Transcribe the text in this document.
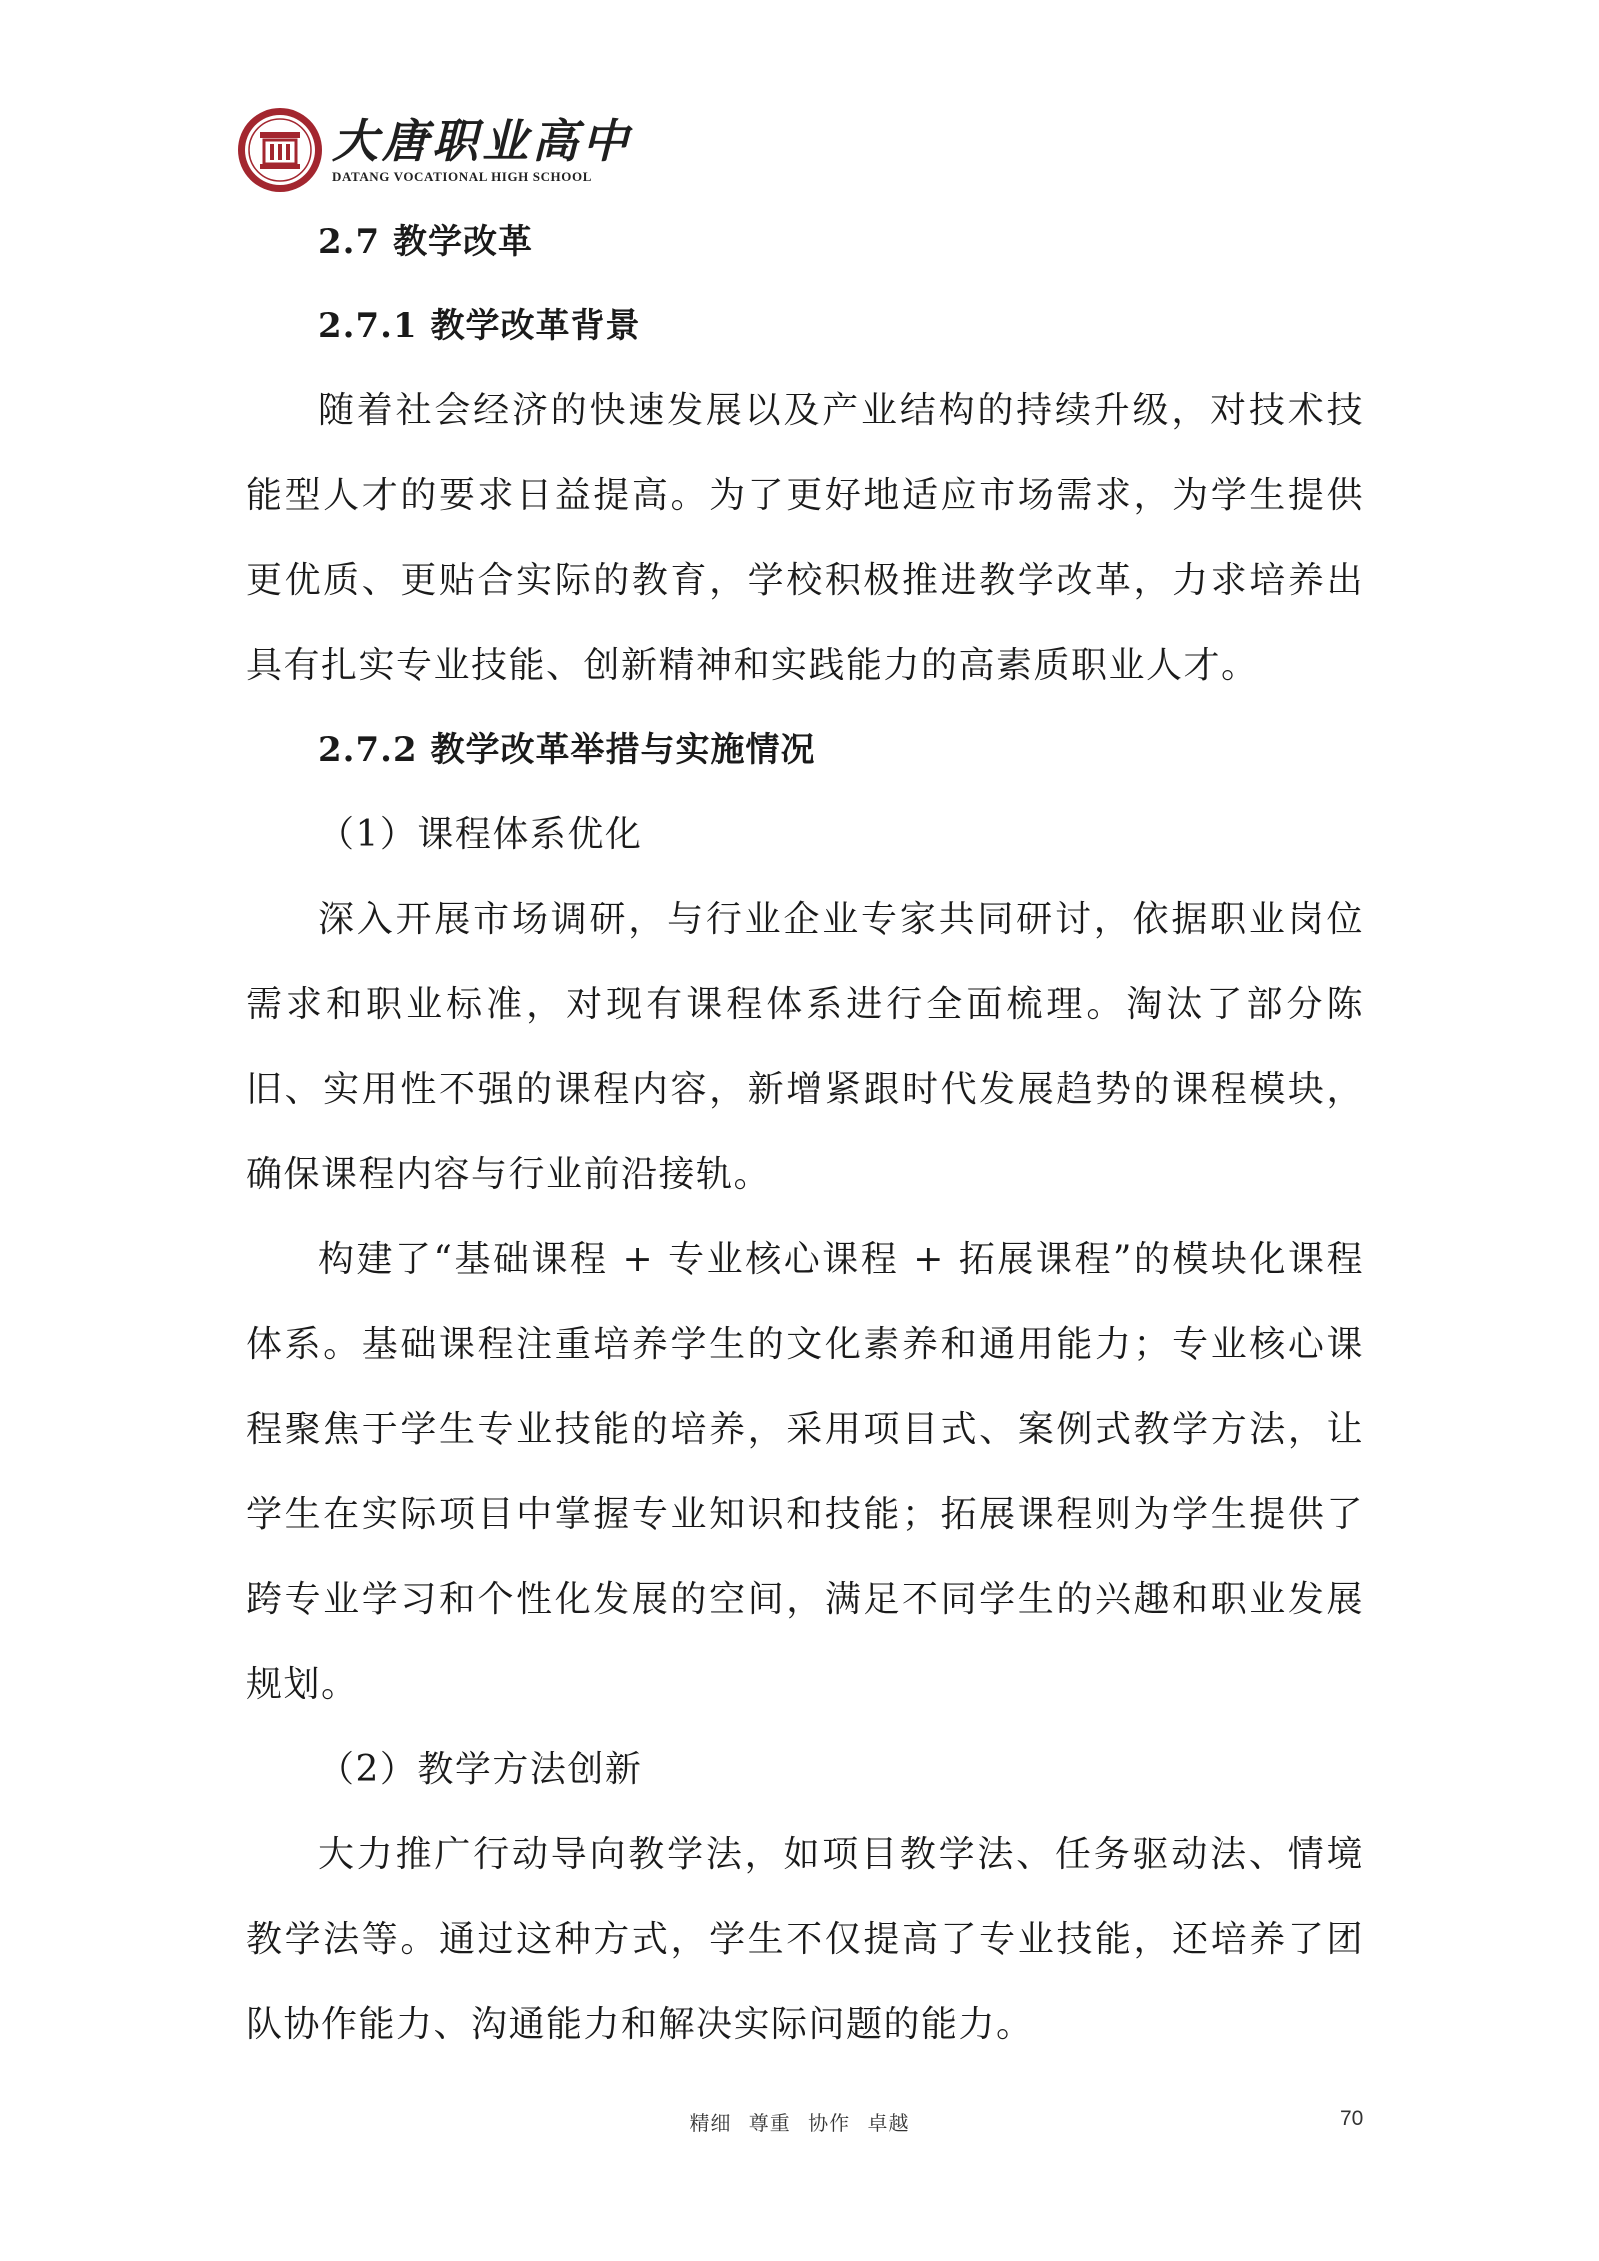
大唐职业高中
DATANG VOCATIONAL HIGH SCHOOL

2.7 教学改革

2.7.1 教学改革背景

随着社会经济的快速发展以及产业结构的持续升级，对技术技能型人才的要求日益提高。为了更好地适应市场需求，为学生提供更优质、更贴合实际的教育，学校积极推进教学改革，力求培养出具有扎实专业技能、创新精神和实践能力的高素质职业人才。

2.7.2 教学改革举措与实施情况

（1）课程体系优化

深入开展市场调研，与行业企业专家共同研讨，依据职业岗位需求和职业标准，对现有课程体系进行全面梳理。淘汰了部分陈旧、实用性不强的课程内容，新增紧跟时代发展趋势的课程模块，确保课程内容与行业前沿接轨。

构建了“基础课程 + 专业核心课程 + 拓展课程”的模块化课程体系。基础课程注重培养学生的文化素养和通用能力；专业核心课程聚焦于学生专业技能的培养，采用项目式、案例式教学方法，让学生在实际项目中掌握专业知识和技能；拓展课程则为学生提供了跨专业学习和个性化发展的空间，满足不同学生的兴趣和职业发展规划。

（2）教学方法创新

大力推广行动导向教学法，如项目教学法、任务驱动法、情境教学法等。通过这种方式，学生不仅提高了专业技能，还培养了团队协作能力、沟通能力和解决实际问题的能力。

精细 尊重 协作 卓越	70
